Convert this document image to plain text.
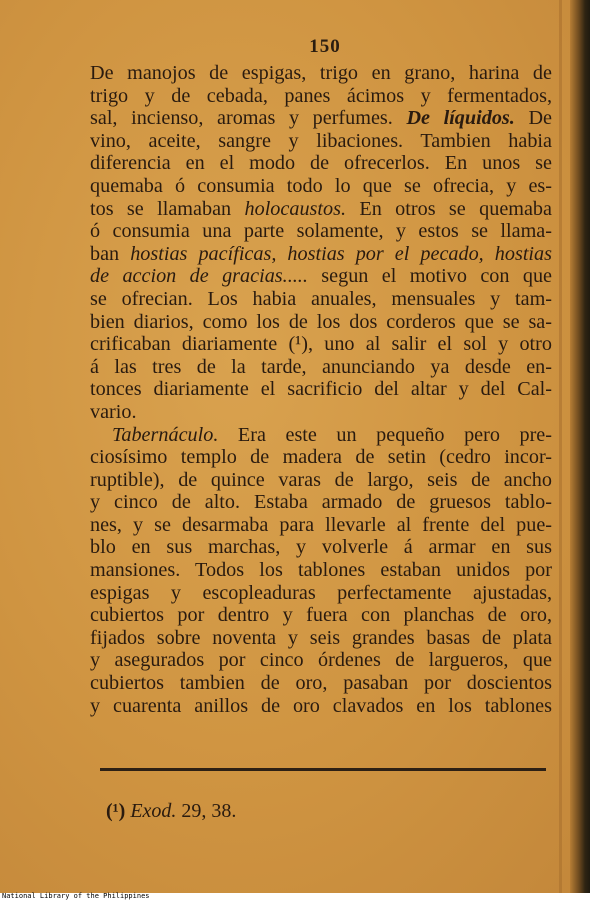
150
De manojos de espigas, trigo en grano, harina de
trigo y de cebada, panes ácimos y fermentados,
sal, incienso, aromas y perfumes. De líquidos. De
vino, aceite, sangre y libaciones. Tambien habia
diferencia en el modo de ofrecerlos. En unos se
quemaba ó consumia todo lo que se ofrecia, y es-
tos se llamaban holocaustos. En otros se quemaba
ó consumia una parte solamente, y estos se llama-
ban hostias pacíficas, hostias por el pecado, hostias
de accion de gracias..... segun el motivo con que
se ofrecian. Los habia anuales, mensuales y tam-
bien diarios, como los de los dos corderos que se sa-
crificaban diariamente (¹), uno al salir el sol y otro
á las tres de la tarde, anunciando ya desde en-
tonces diariamente el sacrificio del altar y del Cal-
vario.
Tabernáculo. Era este un pequeño pero pre-
ciosísimo templo de madera de setin (cedro incor-
ruptible), de quince varas de largo, seis de ancho
y cinco de alto. Estaba armado de gruesos tablo-
nes, y se desarmaba para llevarle al frente del pue-
blo en sus marchas, y volverle á armar en sus
mansiones. Todos los tablones estaban unidos por
espigas y escopleaduras perfectamente ajustadas,
cubiertos por dentro y fuera con planchas de oro,
fijados sobre noventa y seis grandes basas de plata
y asegurados por cinco órdenes de largueros, que
cubiertos tambien de oro, pasaban por doscientos
y cuarenta anillos de oro clavados en los tablones
(¹) Exod. 29, 38.
National Library of the Philippines
